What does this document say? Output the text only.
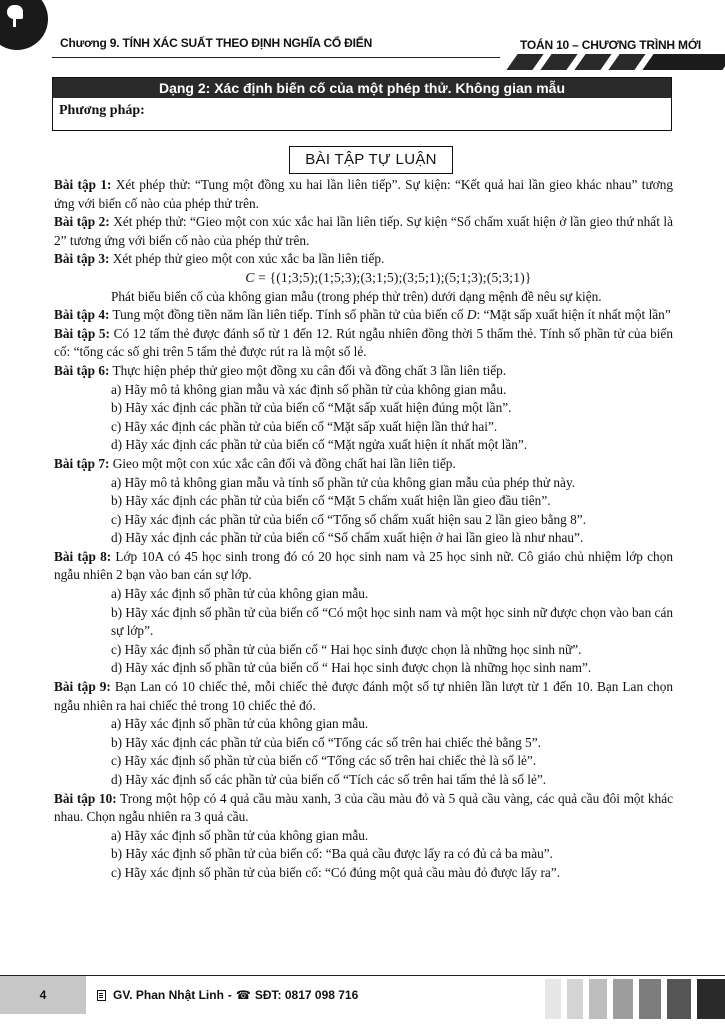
Chương 9. TÍNH XÁC SUẤT THEO ĐỊNH NGHĨA CỔ ĐIỂN	TOÁN 10 – CHƯƠNG TRÌNH MỚI
Dạng 2: Xác định biến cố của một phép thử. Không gian mẫu
Phương pháp:
BÀI TẬP TỰ LUẬN

Bài tập 1: Xét phép thử: “Tung một đồng xu hai lần liên tiếp”. Sự kiện: “Kết quả hai lần gieo khác nhau” tương ứng với biến cố nào của phép thử trên.

Bài tập 2: Xét phép thử: “Gieo một con xúc xắc hai lần liên tiếp. Sự kiện “Số chấm xuất hiện ở lần gieo thứ nhất là 2” tương ứng với biến cố nào của phép thử trên.

Bài tập 3: Xét phép thử gieo một con xúc xắc ba lần liên tiếp.

C = {(1;3;5);(1;5;3);(3;1;5);(3;5;1);(5;1;3);(5;3;1)}

Phát biểu biến cố của không gian mẫu (trong phép thử trên) dưới dạng mệnh đề nêu sự kiện.

Bài tập 4: Tung một đồng tiền năm lần liên tiếp. Tính số phần tử của biến cố D: “Mặt sấp xuất hiện ít nhất một lần”

Bài tập 5: Có 12 tấm thẻ được đánh số từ 1 đến 12. Rút ngẫu nhiên đồng thời 5 thẩm thẻ. Tính số phần tử của biến cố: “tổng các số ghi trên 5 tấm thẻ được rút ra là một số lẻ.

Bài tập 6: Thực hiện phép thử gieo một đồng xu cân đối và đồng chất 3 lần liên tiếp.

a) Hãy mô tả không gian mẫu và xác định số phần tử của không gian mẫu.

b) Hãy xác định các phần tử của biến cố “Mặt sấp xuất hiện đúng một lần”.

c) Hãy xác định các phần tử của biến cố “Mặt sấp xuất hiện lần thứ hai”.

d) Hãy xác định các phần tử của biến cố “Mặt ngửa xuất hiện ít nhất một lần”.

Bài tập 7: Gieo một một con xúc xắc cân đối và đồng chất hai lần liên tiếp.

a) Hãy mô tả không gian mẫu và tính số phần tử của không gian mẫu của phép thử này.

b) Hãy xác định các phần tử của biến cố “Mặt 5 chấm xuất hiện lần gieo đầu tiên”.

c) Hãy xác định các phần tử của biến cố “Tổng số chấm xuất hiện sau 2 lần gieo bằng 8”.

d) Hãy xác định các phần tử của biến cố “Số chấm xuất hiện ở hai lần gieo là như nhau”.

Bài tập 8: Lớp 10A có 45 học sinh trong đó có 20 học sinh nam và 25 học sinh nữ. Cô giáo chủ nhiệm lớp chọn ngẫu nhiên 2 bạn vào ban cán sự lớp.

a) Hãy xác định số phần tử của không gian mẫu.

b) Hãy xác định số phần tử của biến cố “Có một học sinh nam và một học sinh nữ được chọn vào ban cán sự lớp”.

c) Hãy xác định số phần tử của biến cố “ Hai học sinh được chọn là những học sinh nữ”.

d) Hãy xác định số phần tử của biến cố “ Hai học sinh được chọn là những học sinh nam”.

Bài tập 9: Bạn Lan có 10 chiếc thẻ, mỗi chiếc thẻ được đánh một số tự nhiên lần lượt từ 1 đến 10. Bạn Lan chọn ngẫu nhiên ra hai chiếc thẻ trong 10 chiếc thẻ đó.

a) Hãy xác định số phần tử của không gian mẫu.

b) Hãy xác định các phần tử của biến cố “Tổng các số trên hai chiếc thẻ bằng 5”.

c) Hãy xác định số phần tử của biến cố “Tổng các số trên hai chiếc thẻ là số lẻ”.

d) Hãy xác định số các phần tử của biến cố “Tích các số trên hai tấm thẻ là số lẻ”.

Bài tập 10: Trong một hộp có 4 quả cầu màu xanh, 3 của cầu màu đỏ và 5 quả cầu vàng, các quả cầu đôi một khác nhau. Chọn ngẫu nhiên ra 3 quả cầu.

a) Hãy xác định số phần tử của không gian mẫu.

b) Hãy xác định số phần tử của biến cố: “Ba quả cầu được lấy ra có đủ cả ba màu”.

c) Hãy xác định số phần tử của biến cố: “Có đúng một quả cầu màu đỏ được lấy ra”.

4	GV. Phan Nhật Linh - ☎ SĐT: 0817 098 716
